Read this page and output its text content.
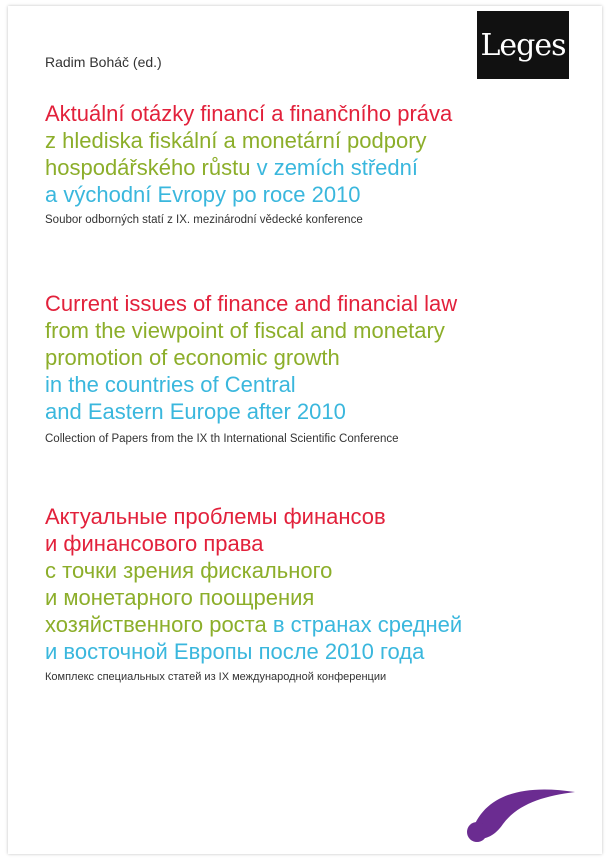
Leges
Radim Boháč (ed.)
Aktuální otázky financí a finančního práva
z hlediska fiskální a monetární podpory
hospodářského růstu v zemích střední
a východní Evropy po roce 2010
Soubor odborných statí z IX. mezinárodní vědecké konference
Current issues of finance and financial law
from the viewpoint of fiscal and monetary
promotion of economic growth
in the countries of Central
and Eastern Europe after 2010
Collection of Papers from the IX th International Scientific Conference
Актуальные проблемы финансов
и финансового права
с точки зрения фискального
и монетарного поощрения
хозяйственного роста в странах средней
и восточной Европы после 2010 года
Комплекс специальных статей из IX международной конференции
